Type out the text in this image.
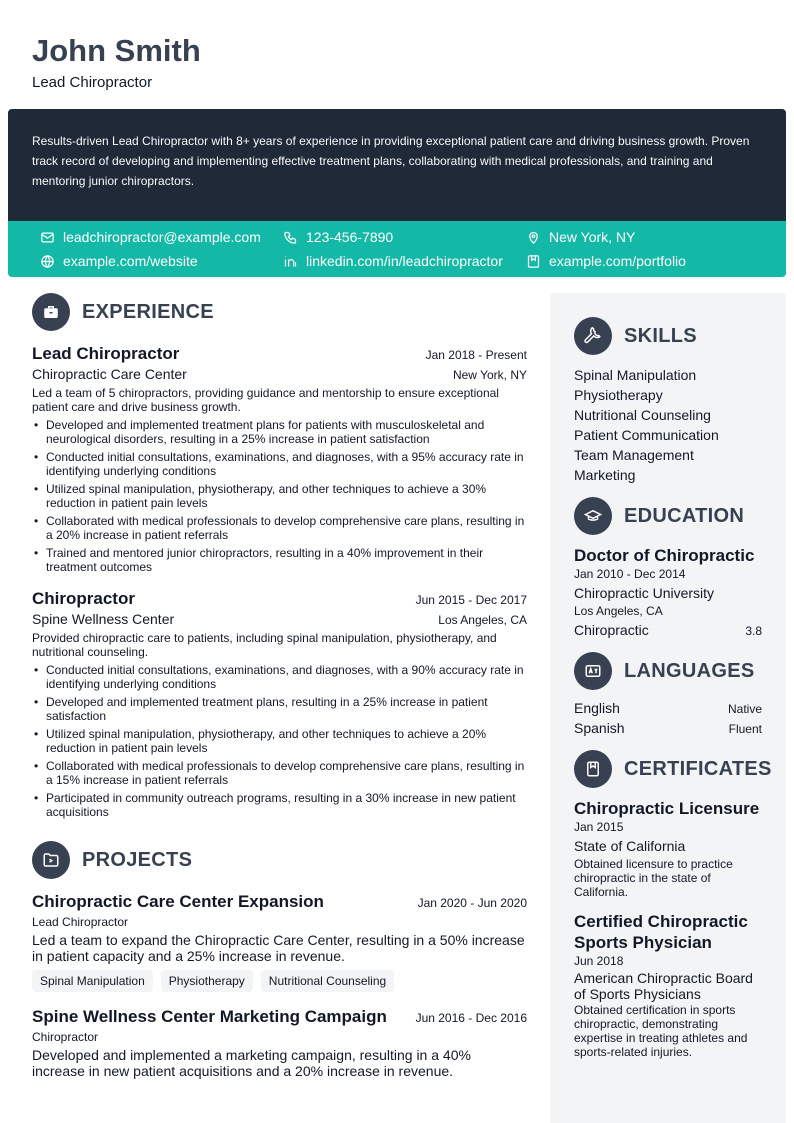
John Smith
Lead Chiropractor
Results-driven Lead Chiropractor with 8+ years of experience in providing exceptional patient care and driving business growth. Proven track record of developing and implementing effective treatment plans, collaborating with medical professionals, and training and mentoring junior chiropractors.
leadchiropractor@example.com	123-456-7890	New York, NY
example.com/website	linkedin.com/in/leadchiropractor	example.com/portfolio
EXPERIENCE
Lead Chiropractor	Jan 2018 - Present
Chiropractic Care Center	New York, NY
Led a team of 5 chiropractors, providing guidance and mentorship to ensure exceptional patient care and drive business growth.
• Developed and implemented treatment plans for patients with musculoskeletal and neurological disorders, resulting in a 25% increase in patient satisfaction
• Conducted initial consultations, examinations, and diagnoses, with a 95% accuracy rate in identifying underlying conditions
• Utilized spinal manipulation, physiotherapy, and other techniques to achieve a 30% reduction in patient pain levels
• Collaborated with medical professionals to develop comprehensive care plans, resulting in a 20% increase in patient referrals
• Trained and mentored junior chiropractors, resulting in a 40% improvement in their treatment outcomes
Chiropractor	Jun 2015 - Dec 2017
Spine Wellness Center	Los Angeles, CA
Provided chiropractic care to patients, including spinal manipulation, physiotherapy, and nutritional counseling.
• Conducted initial consultations, examinations, and diagnoses, with a 90% accuracy rate in identifying underlying conditions
• Developed and implemented treatment plans, resulting in a 25% increase in patient satisfaction
• Utilized spinal manipulation, physiotherapy, and other techniques to achieve a 20% reduction in patient pain levels
• Collaborated with medical professionals to develop comprehensive care plans, resulting in a 15% increase in patient referrals
• Participated in community outreach programs, resulting in a 30% increase in new patient acquisitions
PROJECTS
Chiropractic Care Center Expansion	Jan 2020 - Jun 2020
Lead Chiropractor
Led a team to expand the Chiropractic Care Center, resulting in a 50% increase in patient capacity and a 25% increase in revenue.
Spinal Manipulation	Physiotherapy	Nutritional Counseling
Spine Wellness Center Marketing Campaign Jun 2016 - Dec 2016
Chiropractor
Developed and implemented a marketing campaign, resulting in a 40% increase in new patient acquisitions and a 20% increase in revenue.
SKILLS
Spinal Manipulation
Physiotherapy
Nutritional Counseling
Patient Communication
Team Management
Marketing
EDUCATION
Doctor of Chiropractic
Jan 2010 - Dec 2014
Chiropractic University
Los Angeles, CA
Chiropractic	3.8
LANGUAGES
English	Native
Spanish	Fluent
CERTIFICATES
Chiropractic Licensure
Jan 2015
State of California
Obtained licensure to practice chiropractic in the state of California.
Certified Chiropractic Sports Physician
Jun 2018
American Chiropractic Board of Sports Physicians
Obtained certification in sports chiropractic, demonstrating expertise in treating athletes and sports-related injuries.
